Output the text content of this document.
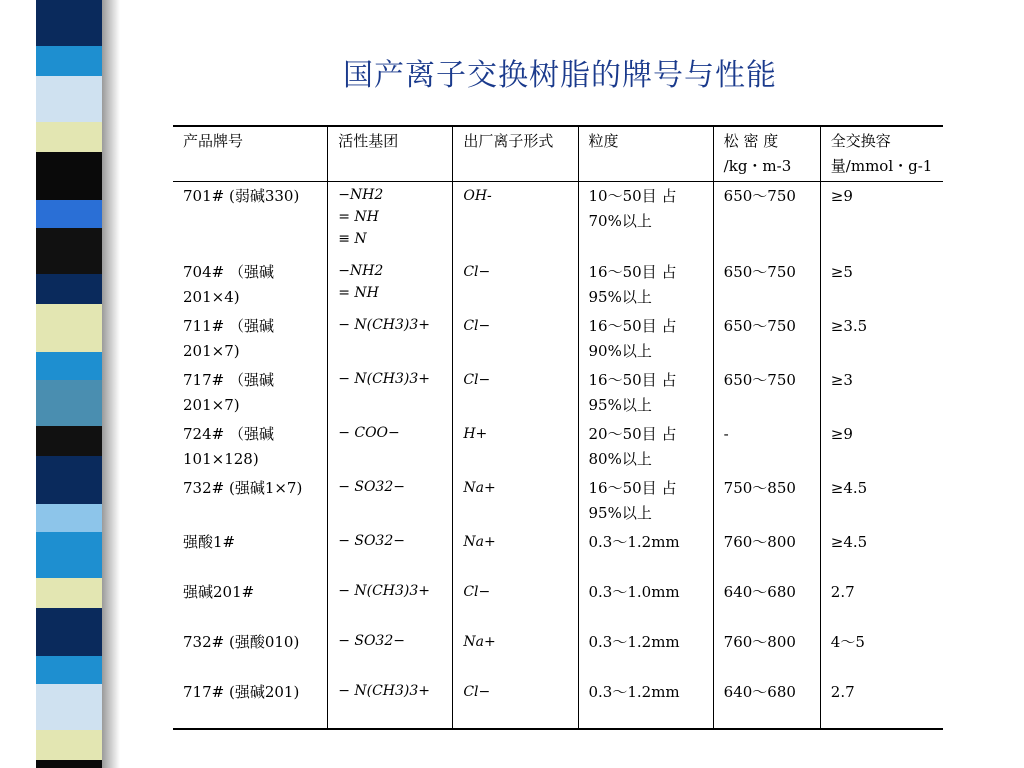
国产离子交换树脂的牌号与性能
产品牌号	活性基团	出厂离子形式	粒度	松 密 度 /kg・m-3	全交换容量/mmol・g-1
701# (弱碱330)	−NH2
= NH
≡ N	OH-	10～50目 占70%以上	650～750	≥9
704# （强碱201×4)	−NH2
= NH	Cl−	16～50目 占95%以上	650～750	≥5
711# （强碱201×7)	− N(CH3)3+	Cl−	16～50目 占90%以上	650～750	≥3.5
717# （强碱201×7)	− N(CH3)3+	Cl−	16～50目 占95%以上	650～750	≥3
724# （强碱101×128)	− COO−	H+	20～50目 占80%以上	-	≥9
732# (强碱1×7)	− SO32−	Na+	16～50目 占95%以上	750～850	≥4.5
强酸1#	− SO32−	Na+	0.3～1.2mm	760～800	≥4.5
强碱201#	− N(CH3)3+	Cl−	0.3～1.0mm	640～680	2.7
732# (强酸010)	− SO32−	Na+	0.3～1.2mm	760～800	4～5
717# (强碱201)	− N(CH3)3+	Cl−	0.3～1.2mm	640～680	2.7
